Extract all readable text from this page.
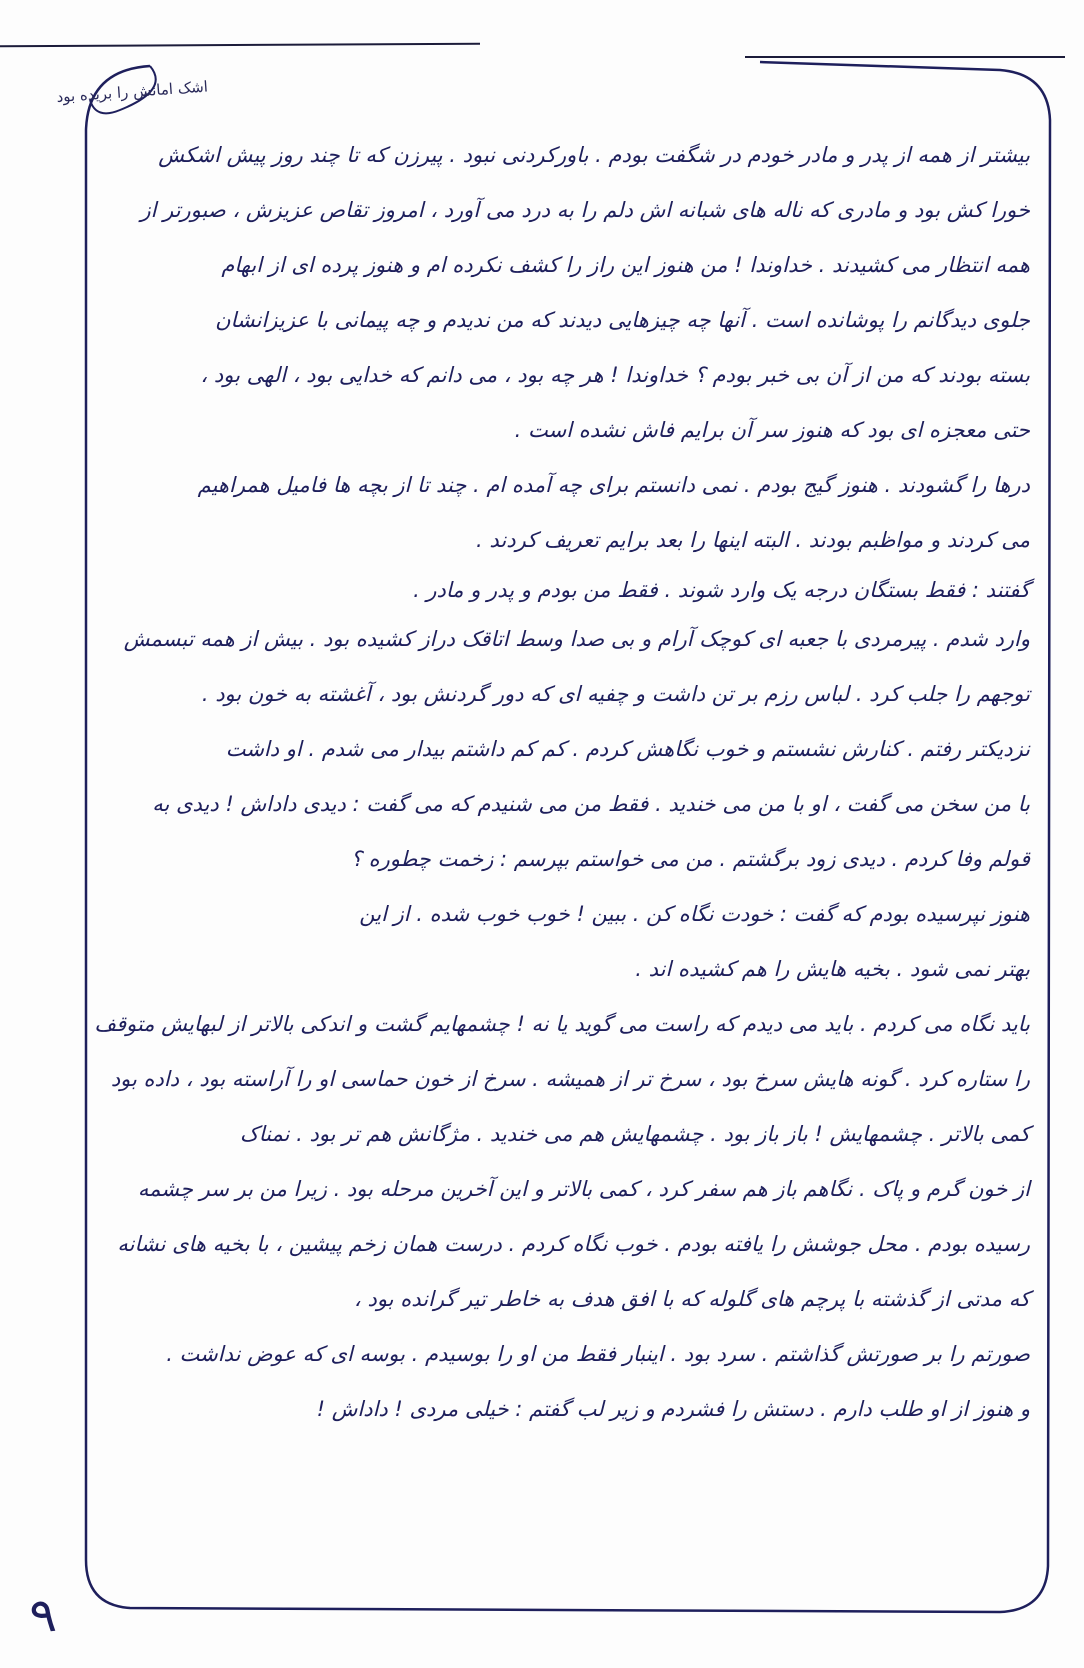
اشک امانش را بریده بود
بیشتر از همه از پدر و مادر خودم در شگفت بودم . باورکردنی نبود . پیرزن که تا چند روز پیش اشکش
خورا کش بود و مادری که ناله های شبانه اش دلم را به درد می آورد ، امروز تقاص عزیزش ، صبورتر از
همه انتظار می کشیدند . خداوندا ! من هنوز این راز را کشف نکرده ام و هنوز پرده ای از ابهام
جلوی دیدگانم را پوشانده است . آنها چه چیزهایی دیدند که من ندیدم و چه پیمانی با عزیزانشان
بسته بودند که من از آن بی خبر بودم ؟ خداوندا ! هر چه بود ، می دانم که خدایی بود ، الهی بود ،
حتی معجزه ای بود که هنوز سر آن برایم فاش نشده است .
درها را گشودند . هنوز گیج بودم . نمی دانستم برای چه آمده ام . چند تا از بچه ها فامیل همراهیم
می کردند و مواظبم بودند . البته اینها را بعد برایم تعریف کردند .
گفتند : فقط بستگان درجه یک وارد شوند . فقط من بودم و پدر و مادر .
وارد شدم . پیرمردی با جعبه ای کوچک آرام و بی صدا وسط اتاقک دراز کشیده بود . بیش از همه تبسمش
توجهم را جلب کرد . لباس رزم بر تن داشت و چفیه ای که دور گردنش بود ، آغشته به خون بود .
نزدیکتر رفتم . کنارش نشستم و خوب نگاهش کردم . کم کم داشتم بیدار می شدم . او داشت
با من سخن می گفت ، او با من می خندید . فقط من می شنیدم که می گفت : دیدی داداش ! دیدی به
قولم وفا کردم . دیدی زود برگشتم . من می خواستم بپرسم : زخمت چطوره ؟
هنوز نپرسیده بودم که گفت : خودت نگاه کن . ببین ! خوب خوب شده . از این
بهتر نمی شود . بخیه هایش را هم کشیده اند .
باید نگاه می کردم . باید می دیدم که راست می گوید یا نه ! چشمهایم گشت و اندکی بالاتر از لبهایش متوقف
را ستاره کرد . گونه هایش سرخ بود ، سرخ تر از همیشه . سرخ از خون حماسی او را آراسته بود ، داده بود
کمی بالاتر . چشمهایش ! باز باز بود . چشمهایش هم می خندید . مژگانش هم تر بود . نمناک
از خون گرم و پاک . نگاهم باز هم سفر کرد ، کمی بالاتر و این آخرین مرحله بود . زیرا من بر سر چشمه
رسیده بودم . محل جوشش را یافته بودم . خوب نگاه کردم . درست همان زخم پیشین ، با بخیه های نشانه
که مدتی از گذشته با پرچم های گلوله که با افق هدف به خاطر تیر گرانده بود ،
صورتم را بر صورتش گذاشتم . سرد بود . اینبار فقط من او را بوسیدم . بوسه ای که عوض نداشت .
و هنوز از او طلب دارم . دستش را فشردم و زیر لب گفتم : خیلی مردی ! داداش !
۹
